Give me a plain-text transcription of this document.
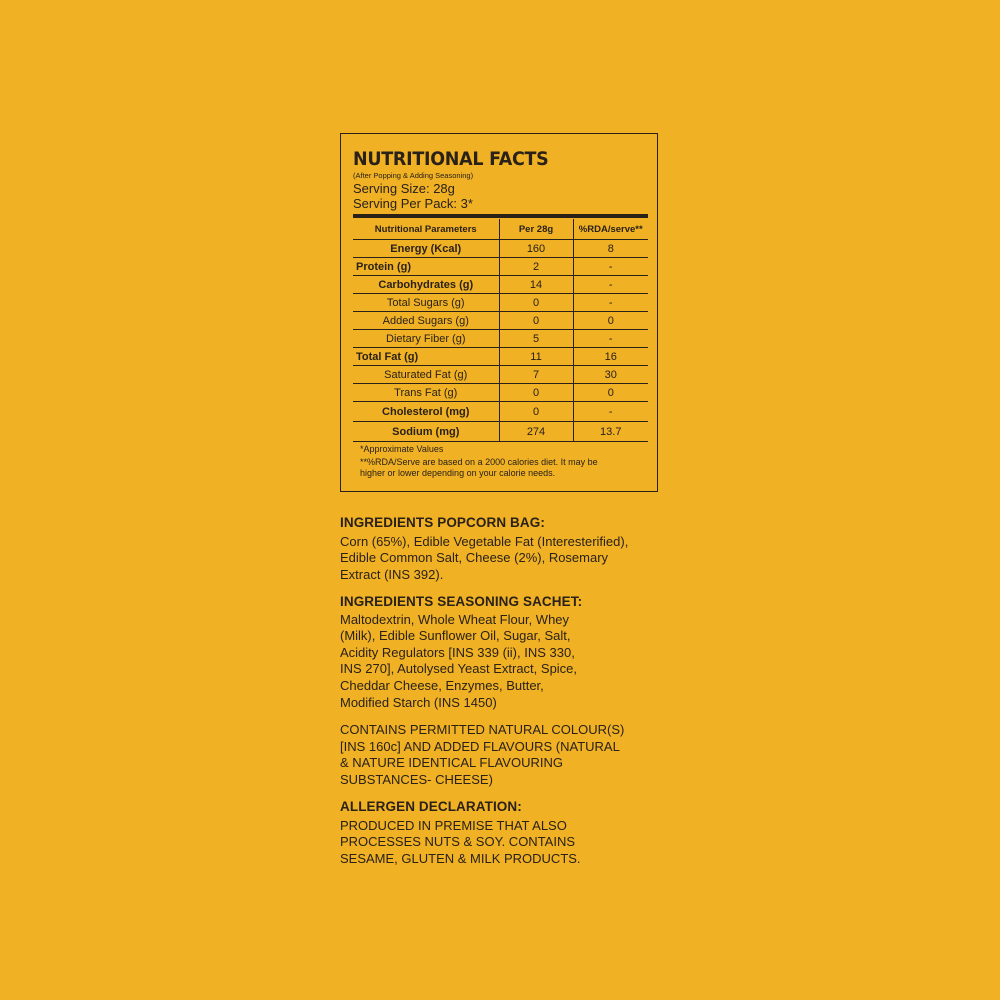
NUTRITIONAL FACTS
(After Popping & Adding Seasoning)
Serving Size: 28g
Serving Per Pack: 3*
Nutritional Parameters	Per 28g	%RDA/serve**
Energy (Kcal)	160	8
Protein (g)	2	-
Carbohydrates (g)	14	-
Total Sugars (g)	0	-
Added Sugars (g)	0	0
Dietary Fiber (g)	5	-
Total Fat (g)	11	16
Saturated Fat (g)	7	30
Trans Fat (g)	0	0
Cholesterol (mg)	0	-
Sodium (mg)	274	13.7
*Approximate Values
**%RDA/Serve are based on a 2000 calories diet. It may be
higher or lower depending on your calorie needs.
INGREDIENTS POPCORN BAG:
Corn (65%), Edible Vegetable Fat (Interesterified),
Edible Common Salt, Cheese (2%), Rosemary
Extract (INS 392).
INGREDIENTS SEASONING SACHET:
Maltodextrin, Whole Wheat Flour, Whey
(Milk), Edible Sunflower Oil, Sugar, Salt,
Acidity Regulators [INS 339 (ii), INS 330,
INS 270], Autolysed Yeast Extract, Spice,
Cheddar Cheese, Enzymes, Butter,
Modified Starch (INS 1450)
CONTAINS PERMITTED NATURAL COLOUR(S)
[INS 160c] AND ADDED FLAVOURS (NATURAL
& NATURE IDENTICAL FLAVOURING
SUBSTANCES- CHEESE)
ALLERGEN DECLARATION:
PRODUCED IN PREMISE THAT ALSO
PROCESSES NUTS & SOY. CONTAINS
SESAME, GLUTEN & MILK PRODUCTS.
